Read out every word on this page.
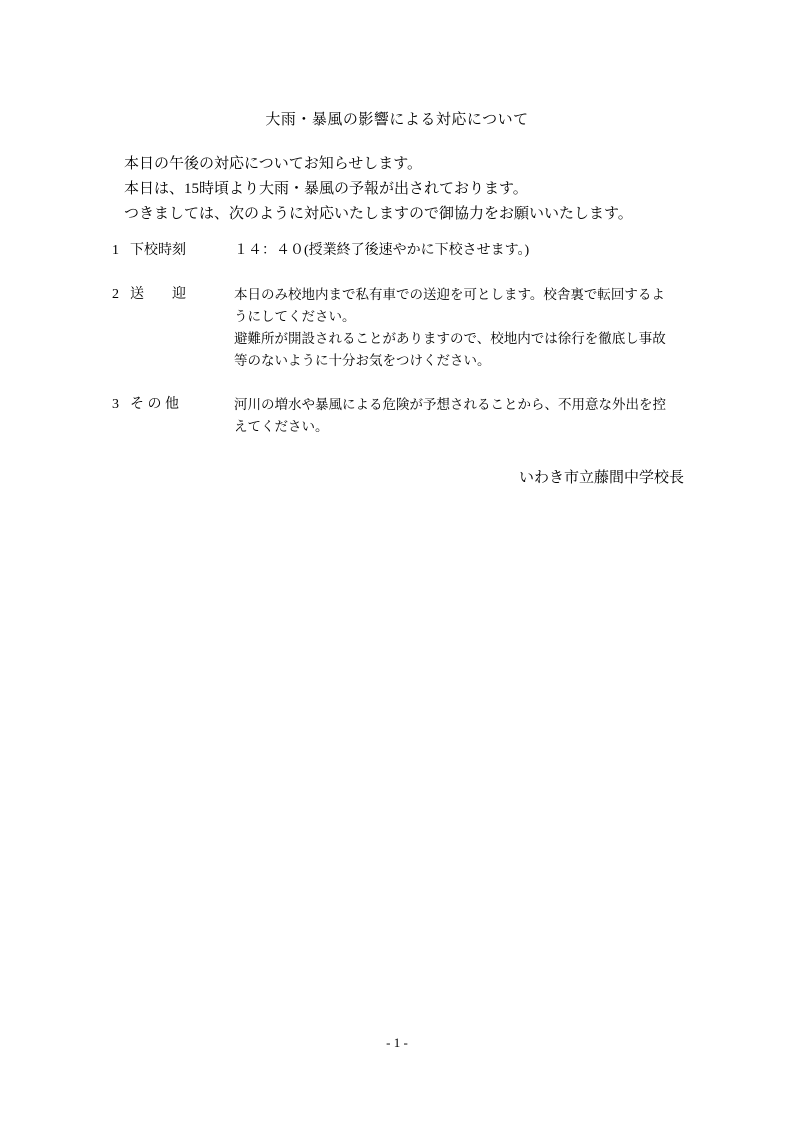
大雨・暴風の影響による対応について
本日の午後の対応についてお知らせします。
本日は、15時頃より大雨・暴風の予報が出されております。
つきましては、次のように対応いたしますので御協力をお願いいたします。
1 下校時刻	１４：４０(授業終了後速やかに下校させます。)

2 送　　迎	本日のみ校地内まで私有車での送迎を可とします。校舎裏で転回するよ

うにしてください。

避難所が開設されることがありますので、校地内では徐行を徹底し事故

等のないように十分お気をつけください。

3 そ の 他	河川の増水や暴風による危険が予想されることから、不用意な外出を控

えてください。

いわき市立藤間中学校長
- 1 -
